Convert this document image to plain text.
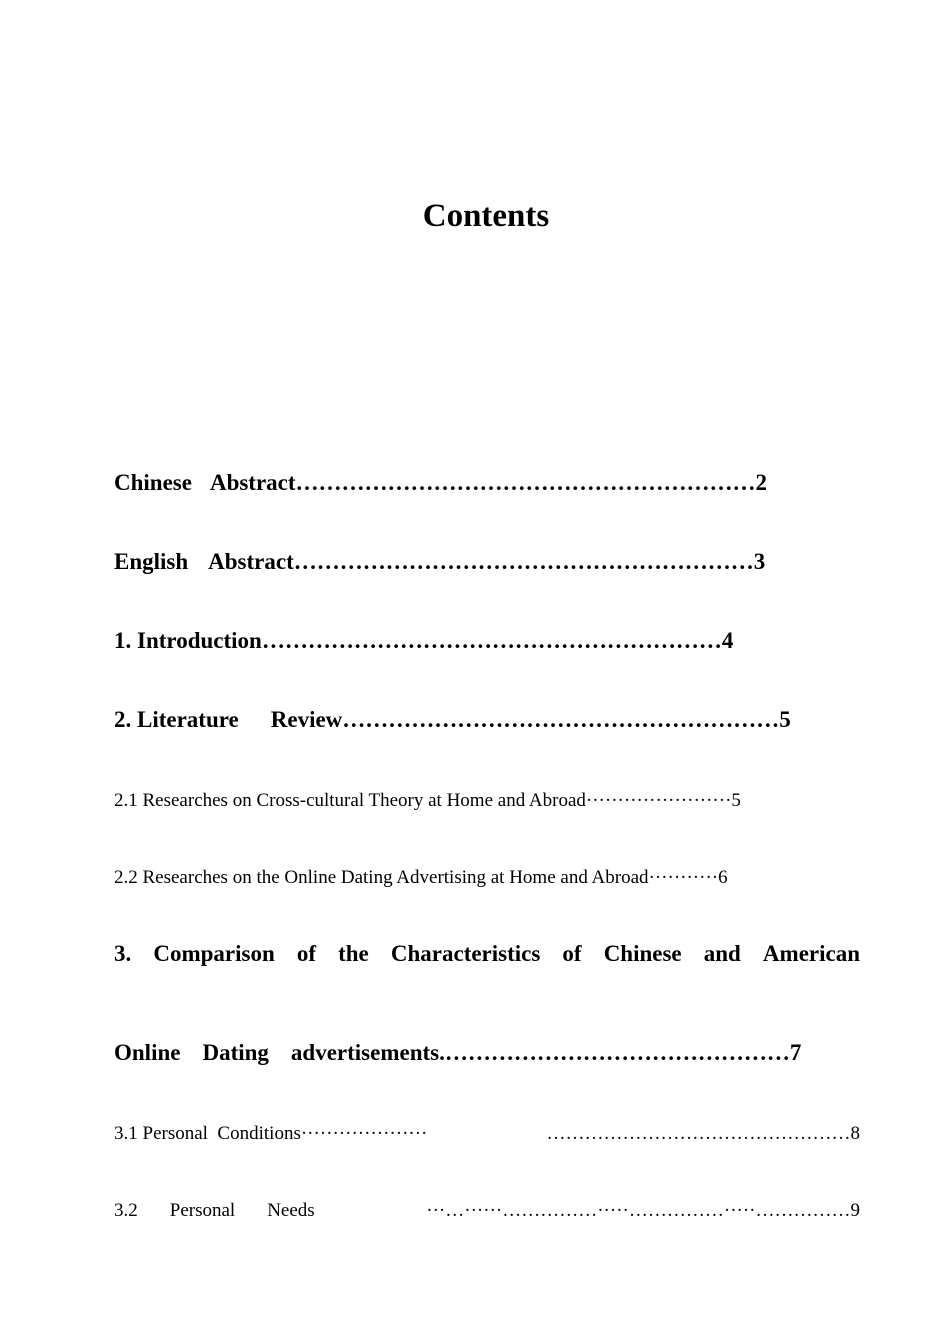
Contents
Chinese Abstract……………………………………………………2
English Abstract……………………………………………………3
1. Introduction……………………………………………………4
2. Literature Review…………………………………………………5
2.1 Researches on Cross-cultural Theory at Home and Abroad·······················5
2.2 Researches on the Online Dating Advertising at Home and Abroad···········6
3. Comparison of the Characteristics of Chinese and American
Online Dating advertisements.………………………………………7
3.1 Personal  Conditions ····················	………………………………………… 8
3.2 Personal Needs	···…······……………·····……………·····…………… 9
